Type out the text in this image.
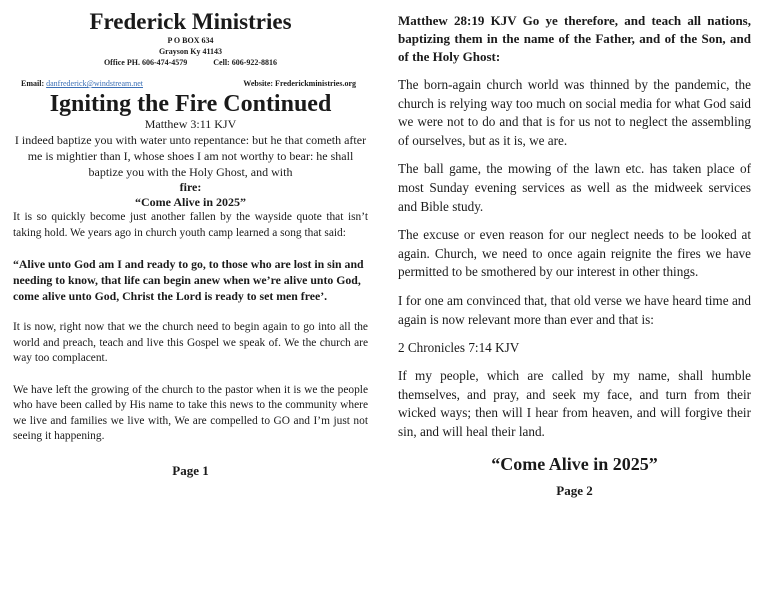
Frederick Ministries
P O BOX 634
Grayson Ky 41143
Office PH. 606-474-4579	Cell: 606-922-8816
Email: danfrederick@windstream.net	Website: Frederickministries.org
Igniting the Fire Continued
Matthew 3:11 KJV
I indeed baptize you with water unto repentance: but he that cometh after me is mightier than I, whose shoes I am not worthy to bear: he shall baptize you with the Holy Ghost, and with
fire:
“Come Alive in 2025”

It is so quickly become just another fallen by the wayside quote that isn’t taking hold. We years ago in church youth camp learned a song that said:

“Alive unto God am I and ready to go, to those who are lost in sin and needing to know, that life can begin anew when we’re alive unto God, come alive unto God, Christ the Lord is ready to set men free’.

It is now, right now that we the church need to begin again to go into all the world and preach, teach and live this Gospel we speak of. We the church are way too complacent.

We have left the growing of the church to the pastor when it is we the people who have been called by His name to take this news to the community where we live and families we live with, We are compelled to GO and I’m just not seeing it happening.

Page 1

Matthew 28:19 KJV Go ye therefore, and teach all nations, baptizing them in the name of the Father, and of the Son, and of the Holy Ghost:

The born-again church world was thinned by the pandemic, the church is relying way too much on social media for what God said we were not to do and that is for us not to neglect the assembling of ourselves, but as it is, we are.

The ball game, the mowing of the lawn etc. has taken place of most Sunday evening services as well as the midweek services and Bible study.

The excuse or even reason for our neglect needs to be looked at again. Church, we need to once again reignite the fires we have permitted to be smothered by our interest in other things.

I for one am convinced that, that old verse we have heard time and again is now relevant more than ever and that is:

2 Chronicles 7:14 KJV

If my people, which are called by my name, shall humble themselves, and pray, and seek my face, and turn from their wicked ways; then will I hear from heaven, and will forgive their sin, and will heal their land.

“Come Alive in 2025”
Page 2
